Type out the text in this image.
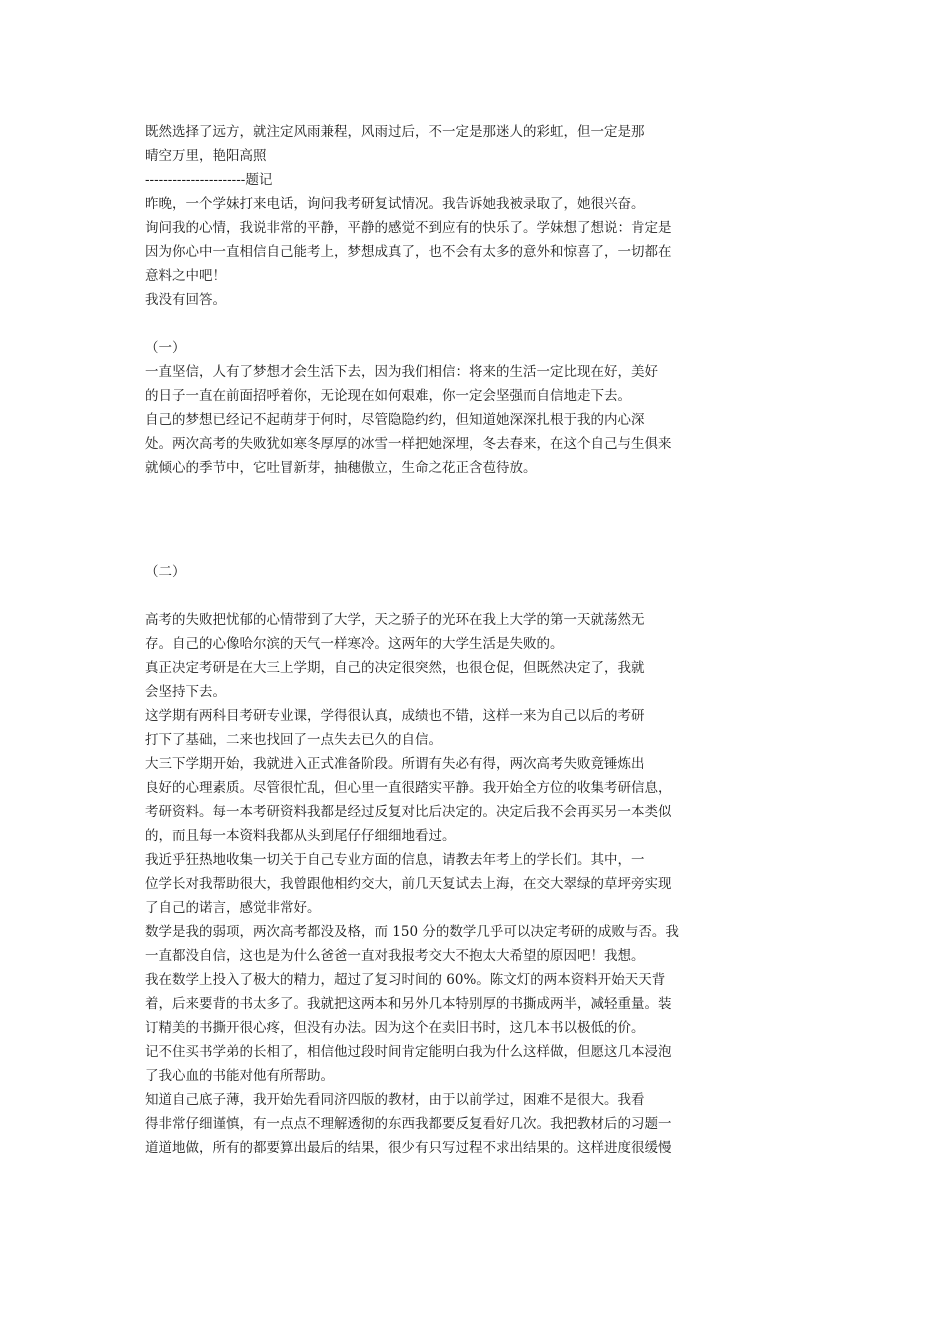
既然选择了远方，就注定风雨兼程，风雨过后，不一定是那迷人的彩虹，但一定是那
晴空万里，艳阳高照
----------------------题记
昨晚，一个学妹打来电话，询问我考研复试情况。我告诉她我被录取了，她很兴奋。
询问我的心情，我说非常的平静，平静的感觉不到应有的快乐了。学妹想了想说：肯定是
因为你心中一直相信自己能考上，梦想成真了，也不会有太多的意外和惊喜了，一切都在
意料之中吧！
我没有回答。
（一）
一直坚信，人有了梦想才会生活下去，因为我们相信：将来的生活一定比现在好，美好
的日子一直在前面招呼着你，无论现在如何艰难，你一定会坚强而自信地走下去。
自己的梦想已经记不起萌芽于何时，尽管隐隐约约，但知道她深深扎根于我的内心深
处。两次高考的失败犹如寒冬厚厚的冰雪一样把她深埋，冬去春来，在这个自己与生俱来
就倾心的季节中，它吐冒新芽，抽穗傲立，生命之花正含苞待放。
（二）
高考的失败把忧郁的心情带到了大学，天之骄子的光环在我上大学的第一天就荡然无
存。自己的心像哈尔滨的天气一样寒冷。这两年的大学生活是失败的。
真正决定考研是在大三上学期，自己的决定很突然，也很仓促，但既然决定了，我就
会坚持下去。
这学期有两科目考研专业课，学得很认真，成绩也不错，这样一来为自己以后的考研
打下了基础，二来也找回了一点失去已久的自信。
大三下学期开始，我就进入正式准备阶段。所谓有失必有得，两次高考失败竟锤炼出
良好的心理素质。尽管很忙乱，但心里一直很踏实平静。我开始全方位的收集考研信息，
考研资料。每一本考研资料我都是经过反复对比后决定的。决定后我不会再买另一本类似
的，而且每一本资料我都从头到尾仔仔细细地看过。
我近乎狂热地收集一切关于自己专业方面的信息，请教去年考上的学长们。其中，一
位学长对我帮助很大，我曾跟他相约交大，前几天复试去上海，在交大翠绿的草坪旁实现
了自己的诺言，感觉非常好。
数学是我的弱项，两次高考都没及格，而 150 分的数学几乎可以决定考研的成败与否。我
一直都没自信，这也是为什么爸爸一直对我报考交大不抱太大希望的原因吧！我想。
我在数学上投入了极大的精力，超过了复习时间的 60%。陈文灯的两本资料开始天天背
着，后来要背的书太多了。我就把这两本和另外几本特别厚的书撕成两半，减轻重量。装
订精美的书撕开很心疼，但没有办法。因为这个在卖旧书时，这几本书以极低的价。
记不住买书学弟的长相了，相信他过段时间肯定能明白我为什么这样做，但愿这几本浸泡
了我心血的书能对他有所帮助。
知道自己底子薄，我开始先看同济四版的教材，由于以前学过，困难不是很大。我看
得非常仔细谨慎，有一点点不理解透彻的东西我都要反复看好几次。我把教材后的习题一
道道地做，所有的都要算出最后的结果，很少有只写过程不求出结果的。这样进度很缓慢
